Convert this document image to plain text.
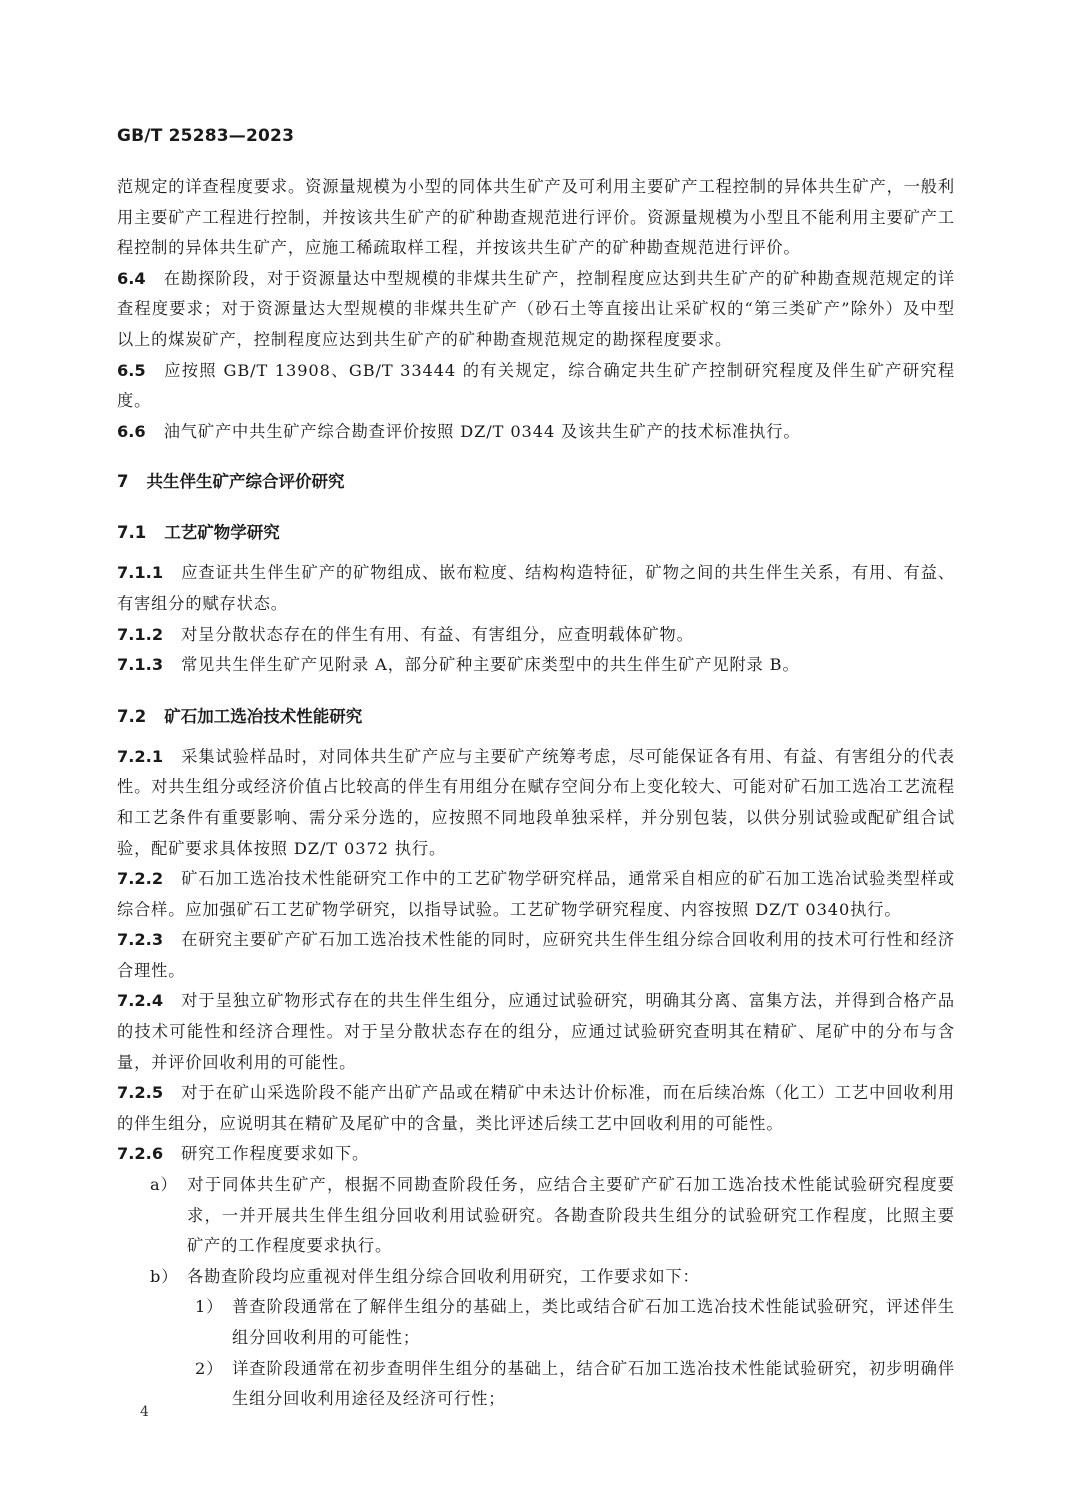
GB/T 25283—2023

范规定的详查程度要求。资源量规模为小型的同体共生矿产及可利用主要矿产工程控制的异体共生矿产，一般利用主要矿产工程进行控制，并按该共生矿产的矿种勘查规范进行评价。资源量规模为小型且不能利用主要矿产工程控制的异体共生矿产，应施工稀疏取样工程，并按该共生矿产的矿种勘查规范进行评价。

6.4 在勘探阶段，对于资源量达中型规模的非煤共生矿产，控制程度应达到共生矿产的矿种勘查规范规定的详查程度要求；对于资源量达大型规模的非煤共生矿产（砂石土等直接出让采矿权的“第三类矿产”除外）及中型以上的煤炭矿产，控制程度应达到共生矿产的矿种勘查规范规定的勘探程度要求。

6.5 应按照 GB/T 13908、GB/T 33444 的有关规定，综合确定共生矿产控制研究程度及伴生矿产研究程度。

6.6 油气矿产中共生矿产综合勘查评价按照 DZ/T 0344 及该共生矿产的技术标准执行。

7 共生伴生矿产综合评价研究
7.1 工艺矿物学研究

7.1.1 应查证共生伴生矿产的矿物组成、嵌布粒度、结构构造特征，矿物之间的共生伴生关系，有用、有益、有害组分的赋存状态。

7.1.2 对呈分散状态存在的伴生有用、有益、有害组分，应查明载体矿物。

7.1.3 常见共生伴生矿产见附录 A，部分矿种主要矿床类型中的共生伴生矿产见附录 B。

7.2 矿石加工选冶技术性能研究

7.2.1 采集试验样品时，对同体共生矿产应与主要矿产统筹考虑，尽可能保证各有用、有益、有害组分的代表性。对共生组分或经济价值占比较高的伴生有用组分在赋存空间分布上变化较大、可能对矿石加工选冶工艺流程和工艺条件有重要影响、需分采分选的，应按照不同地段单独采样，并分别包装，以供分别试验或配矿组合试验，配矿要求具体按照 DZ/T 0372 执行。

7.2.2 矿石加工选冶技术性能研究工作中的工艺矿物学研究样品，通常采自相应的矿石加工选冶试验类型样或综合样。应加强矿石工艺矿物学研究，以指导试验。工艺矿物学研究程度、内容按照 DZ/T 0340执行。

7.2.3 在研究主要矿产矿石加工选冶技术性能的同时，应研究共生伴生组分综合回收利用的技术可行性和经济合理性。

7.2.4 对于呈独立矿物形式存在的共生伴生组分，应通过试验研究，明确其分离、富集方法，并得到合格产品的技术可能性和经济合理性。对于呈分散状态存在的组分，应通过试验研究查明其在精矿、尾矿中的分布与含量，并评价回收利用的可能性。

7.2.5 对于在矿山采选阶段不能产出矿产品或在精矿中未达计价标准，而在后续冶炼（化工）工艺中回收利用的伴生组分，应说明其在精矿及尾矿中的含量，类比评述后续工艺中回收利用的可能性。

7.2.6 研究工作程度要求如下。

a） 对于同体共生矿产，根据不同勘查阶段任务，应结合主要矿产矿石加工选冶技术性能试验研究程度要求，一并开展共生伴生组分回收利用试验研究。各勘查阶段共生组分的试验研究工作程度，比照主要矿产的工作程度要求执行。

b） 各勘查阶段均应重视对伴生组分综合回收利用研究，工作要求如下：

1） 普查阶段通常在了解伴生组分的基础上，类比或结合矿石加工选冶技术性能试验研究，评述伴生组分回收利用的可能性；

2） 详查阶段通常在初步查明伴生组分的基础上，结合矿石加工选冶技术性能试验研究，初步明确伴生组分回收利用途径及经济可行性；

4
